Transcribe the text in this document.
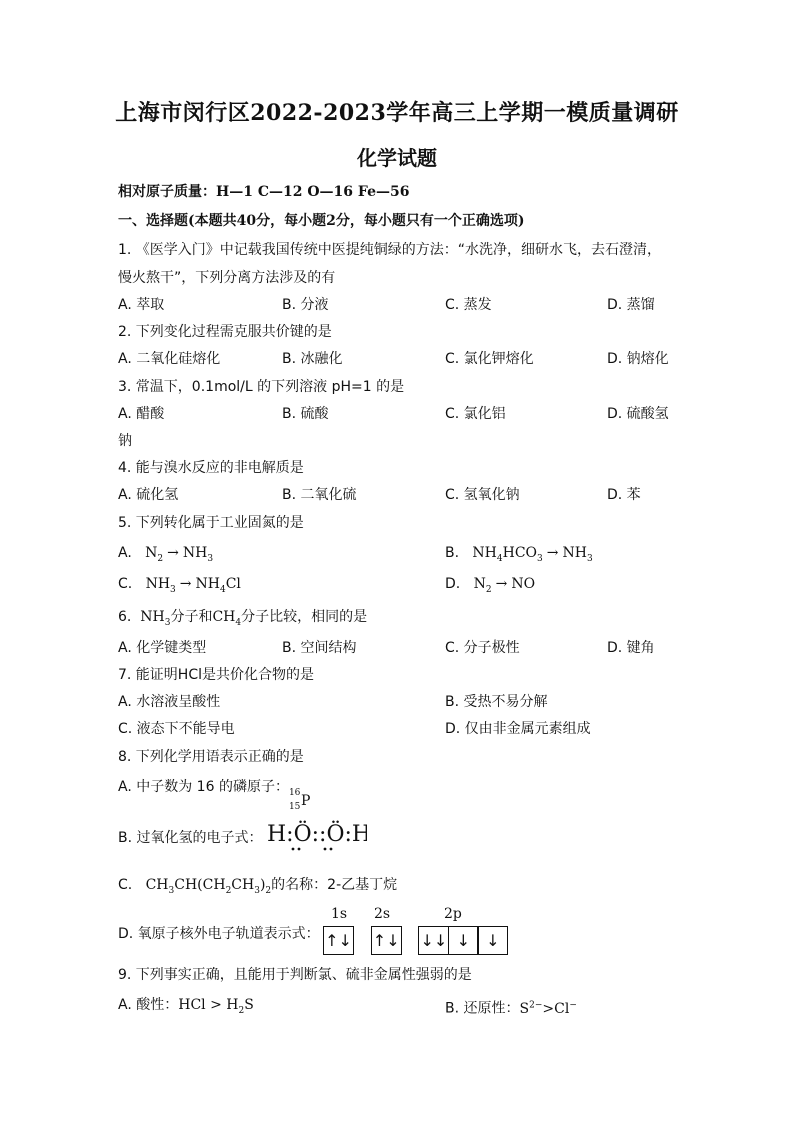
上海市闵行区2022-2023学年高三上学期一模质量调研
化学试题
相对原子质量：H—1 C—12 O—16 Fe—56
一、选择题(本题共40分，每小题2分，每小题只有一个正确选项)
1. 《医学入门》中记载我国传统中医提纯铜绿的方法：“水洗净，细研水飞，去石澄清，
慢火熬干”，下列分离方法涉及的有
A. 萃取	B. 分液	C. 蒸发	D. 蒸馏
2. 下列变化过程需克服共价键的是
A. 二氧化硅熔化	B. 冰融化	C. 氯化钾熔化	D. 钠熔化
3. 常温下，0.1mol/L 的下列溶液 pH=1 的是
A. 醋酸	B. 硫酸	C. 氯化铝	D. 硫酸氢
钠
4. 能与溴水反应的非电解质是
A. 硫化氢	B. 二氧化硫	C. 氢氧化钠	D. 苯
5. 下列转化属于工业固氮的是
A.   $N_2 \to NH_3$	B.   $NH_4HCO_3 \to NH_3$
C.   $NH_3 \to NH_4Cl$	D.   $N_2$ → NO
6.  $NH_3$分子和$CH_4$分子比较，相同的是
A. 化学键类型	B. 空间结构	C. 分子极性	D. 键角
7. 能证明HCl是共价化合物的是
A. 水溶液呈酸性	B. 受热不易分解
C. 液态下不能导电	D. 仅由非金属元素组成
8. 下列化学用语表示正确的是
A. 中子数为 16 的磷原子： 16
15 P
B. 过氧化氢的电子式： H:Ö::Ö:H
C.   $CH_3CH(CH_2CH_3)_2$的名称：2-乙基丁烷
D. 氧原子核外电子轨道表示式：
1s 2s	2p
↑↓ ↑↓ ↓↓ ↓ ↓
9. 下列事实正确，且能用于判断氯、硫非金属性强弱的是
A. 酸性：HCl > $H_2S$	B. 还原性：$S^{2-}>Cl^-$
